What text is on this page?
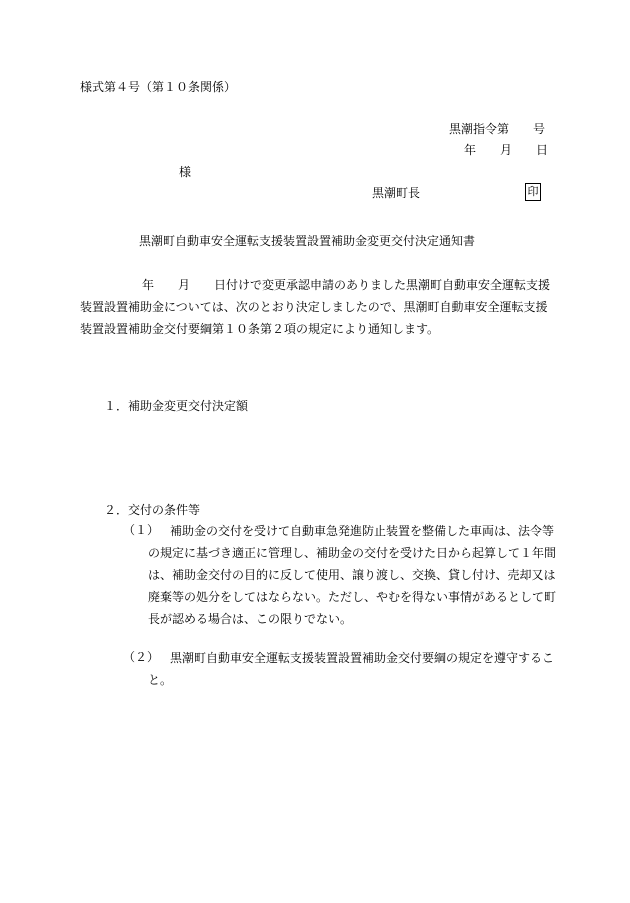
様式第４号（第１０条関係）
黒潮指令第　　号
年　　月　　日
様
黒潮町長	印
黒潮町自動車安全運転支援装置設置補助金変更交付決定通知書
年　　月　　日付けで変更承認申請のありました黒潮町自動車安全運転支援装置設置補助金については、次のとおり決定しましたので、黒潮町自動車安全運転支援装置設置補助金交付要綱第１０条第２項の規定により通知します。
１．補助金変更交付決定額
２．交付の条件等
（１） 補助金の交付を受けて自動車急発進防止装置を整備した車両は、法令等の規定に基づき適正に管理し、補助金の交付を受けた日から起算して１年間は、補助金交付の目的に反して使用、譲り渡し、交換、貸し付け、売却又は廃棄等の処分をしてはならない。ただし、やむを得ない事情があるとして町長が認める場合は、この限りでない。
（２） 黒潮町自動車安全運転支援装置設置補助金交付要綱の規定を遵守すること。
